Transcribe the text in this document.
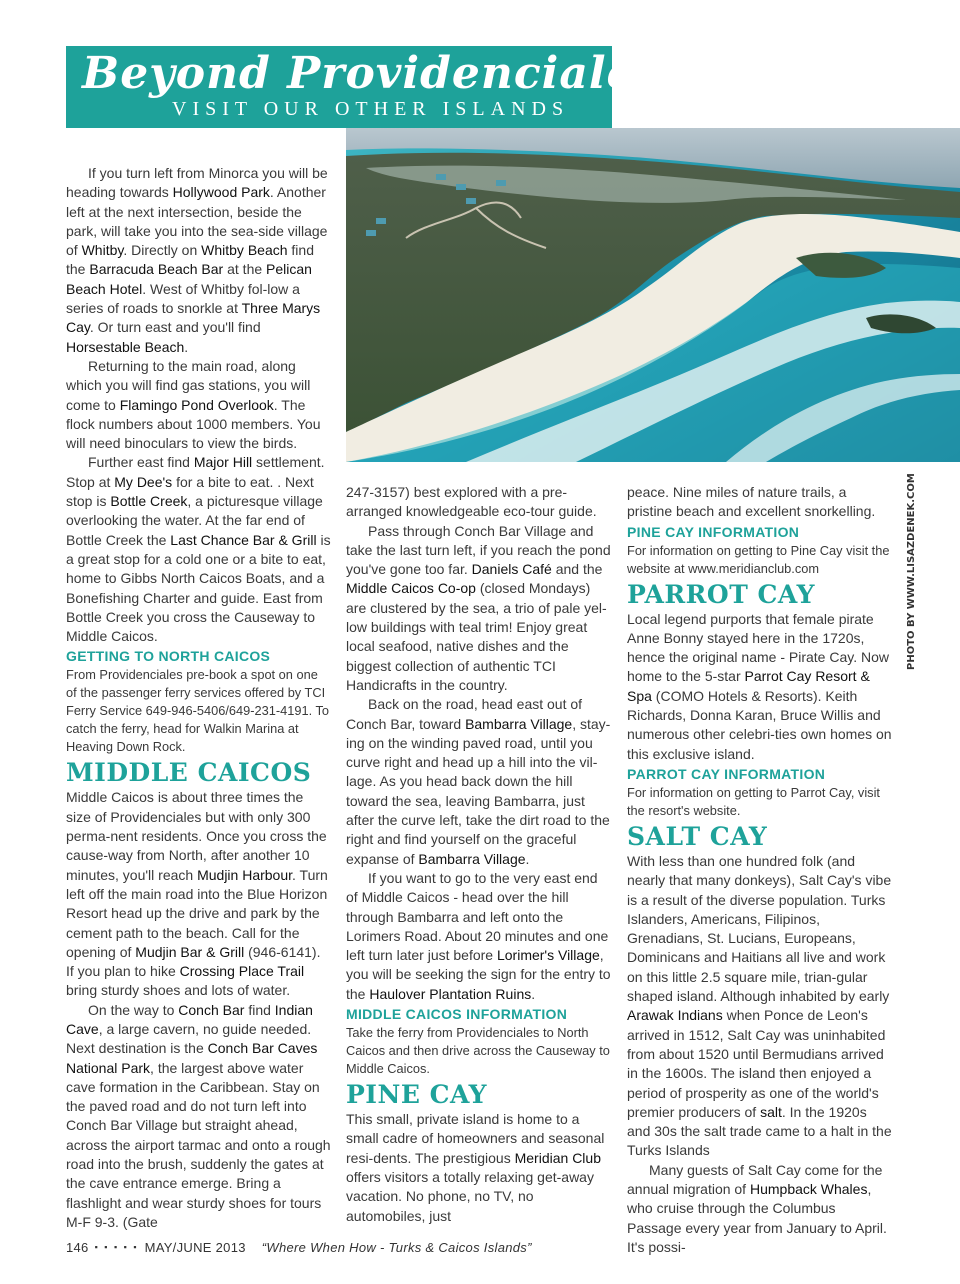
Beyond Providenciales...
VISIT OUR OTHER ISLANDS
PHOTO BY WWW.LISAZDENEK.COM

If you turn left from Minorca you will be heading towards Hollywood Park. Another left at the next intersection, beside the park, will take you into the sea-side village of Whitby. Directly on Whitby Beach find the Barracuda Beach Bar at the Pelican Beach Hotel. West of Whitby fol-low a series of roads to snorkle at Three Marys Cay. Or turn east and you'll find Horsestable Beach.

Returning to the main road, along which you will find gas stations, you will come to Flamingo Pond Overlook. The flock numbers about 1000 members. You will need binoculars to view the birds.

Further east find Major Hill settlement. Stop at My Dee's for a bite to eat. . Next stop is Bottle Creek, a picturesque village overlooking the water. At the far end of Bottle Creek the Last Chance Bar & Grill is a great stop for a cold one or a bite to eat, home to Gibbs North Caicos Boats, and a Bonefishing Charter and guide. East from Bottle Creek you cross the Causeway to Middle Caicos.

GETTING TO NORTH CAICOS

From Providenciales pre-book a spot on one of the passenger ferry services offered by TCI Ferry Service 649-946-5406/649-231-4191. To catch the ferry, head for Walkin Marina at Heaving Down Rock.

MIDDLE CAICOS

Middle Caicos is about three times the size of Providenciales but with only 300 perma-nent residents. Once you cross the cause-way from North, after another 10 minutes, you'll reach Mudjin Harbour. Turn left off the main road into the Blue Horizon Resort head up the drive and park by the cement path to the beach. Call for the opening of Mudjin Bar & Grill (946-6141). If you plan to hike Crossing Place Trail bring sturdy shoes and lots of water.

On the way to Conch Bar find Indian Cave, a large cavern, no guide needed. Next destination is the Conch Bar Caves National Park, the largest above water cave formation in the Caribbean. Stay on the paved road and do not turn left into Conch Bar Village but straight ahead, across the airport tarmac and onto a rough road into the brush, suddenly the gates at the cave entrance emerge. Bring a flashlight and wear sturdy shoes for tours M-F 9-3. (Gate

247-3157) best explored with a pre-arranged knowledgeable eco-tour guide.

Pass through Conch Bar Village and take the last turn left, if you reach the pond you've gone too far. Daniels Café and the Middle Caicos Co-op (closed Mondays) are clustered by the sea, a trio of pale yel-low buildings with teal trim! Enjoy great local seafood, native dishes and the biggest collection of authentic TCI Handicrafts in the country.

Back on the road, head east out of Conch Bar, toward Bambarra Village, stay-ing on the winding paved road, until you curve right and head up a hill into the vil-lage. As you head back down the hill toward the sea, leaving Bambarra, just after the curve left, take the dirt road to the right and find yourself on the graceful expanse of Bambarra Village.

If you want to go to the very east end of Middle Caicos - head over the hill through Bambarra and left onto the Lorimers Road. About 20 minutes and one left turn later just before Lorimer's Village, you will be seeking the sign for the entry to the Haulover Plantation Ruins.

MIDDLE CAICOS INFORMATION

Take the ferry from Providenciales to North Caicos and then drive across the Causeway to Middle Caicos.

PINE CAY

This small, private island is home to a small cadre of homeowners and seasonal resi-dents. The prestigious Meridian Club offers visitors a totally relaxing get-away vacation. No phone, no TV, no automobiles, just

peace. Nine miles of nature trails, a pristine beach and excellent snorkelling.

PINE CAY INFORMATION

For information on getting to Pine Cay visit the website at www.meridianclub.com

PARROT CAY

Local legend purports that female pirate Anne Bonny stayed here in the 1720s, hence the original name - Pirate Cay. Now home to the 5-star Parrot Cay Resort & Spa (COMO Hotels & Resorts). Keith Richards, Donna Karan, Bruce Willis and numerous other celebri-ties own homes on this exclusive island.

PARROT CAY INFORMATION

For information on getting to Parrot Cay, visit the resort's website.

SALT CAY

With less than one hundred folk (and nearly that many donkeys), Salt Cay's vibe is a result of the diverse population. Turks Islanders, Americans, Filipinos, Grenadians, St. Lucians, Europeans, Dominicans and Haitians all live and work on this little 2.5 square mile, trian-gular shaped island. Although inhabited by early Arawak Indians when Ponce de Leon's arrived in 1512, Salt Cay was uninhabited from about 1520 until Bermudians arrived in the 1600s. The island then enjoyed a period of prosperity as one of the world's premier producers of salt. In the 1920s and 30s the salt trade came to a halt in the Turks Islands

Many guests of Salt Cay come for the annual migration of Humpback Whales, who cruise through the Columbus Passage every year from January to April. It's possi-

146 ▪ ▪ ▪ ▪ ▪ MAY/JUNE 2013 “Where When How - Turks & Caicos Islands”
